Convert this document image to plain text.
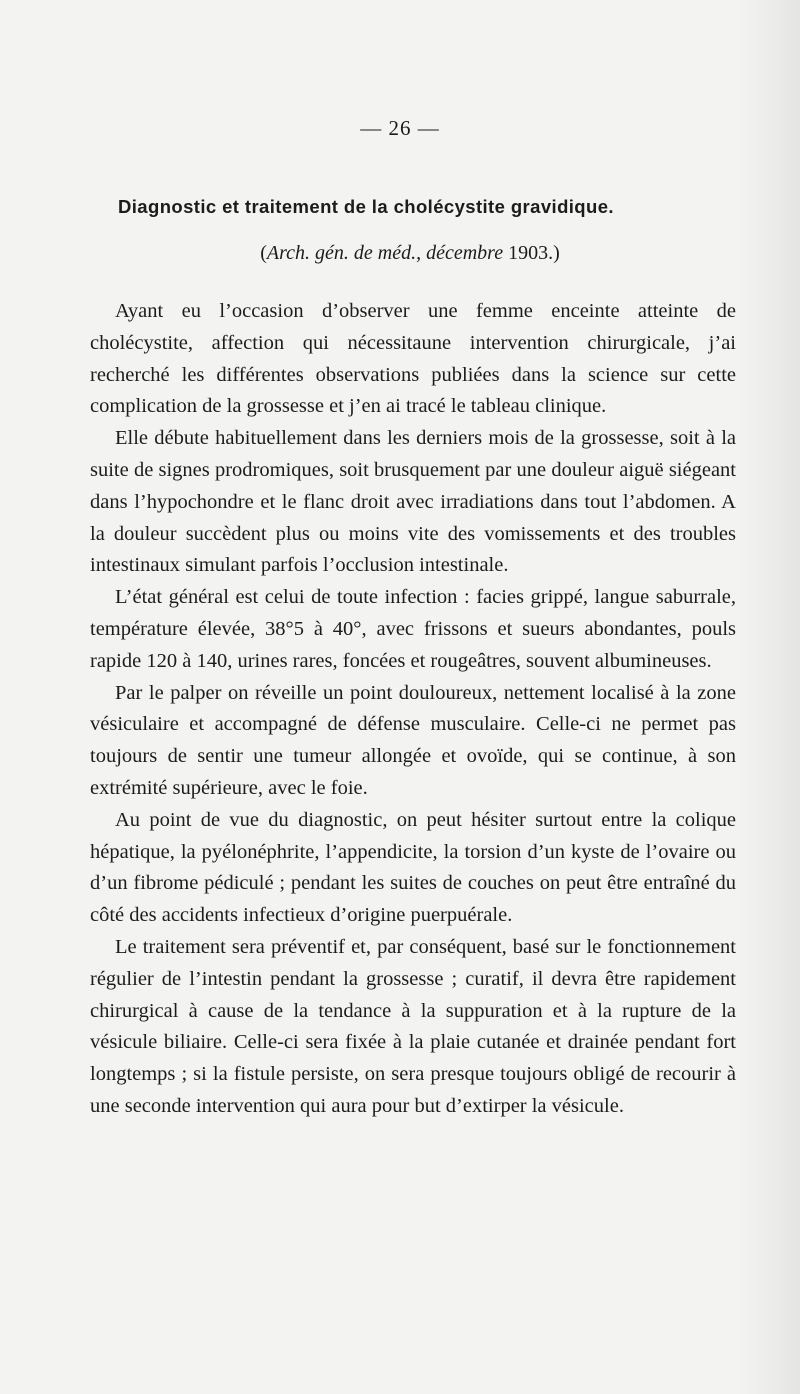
— 26 —
Diagnostic et traitement de la cholécystite gravidique.
(Arch. gén. de méd., décembre 1903.)

Ayant eu l’occasion d’observer une femme enceinte atteinte de cholécystite, affection qui nécessitaune intervention chirurgicale, j’ai recherché les différentes observations publiées dans la science sur cette complication de la grossesse et j’en ai tracé le tableau clinique.

Elle débute habituellement dans les derniers mois de la grossesse, soit à la suite de signes prodromiques, soit brusquement par une douleur aiguë siégeant dans l’hypochondre et le flanc droit avec irradiations dans tout l’abdomen. A la douleur succèdent plus ou moins vite des vomissements et des troubles intestinaux simulant parfois l’occlusion intestinale.

L’état général est celui de toute infection : facies grippé, langue saburrale, température élevée, 38°5 à 40°, avec frissons et sueurs abondantes, pouls rapide 120 à 140, urines rares, foncées et rougeâtres, souvent albumineuses.

Par le palper on réveille un point douloureux, nettement localisé à la zone vésiculaire et accompagné de défense musculaire. Celle-ci ne permet pas toujours de sentir une tumeur allongée et ovoïde, qui se continue, à son extrémité supérieure, avec le foie.

Au point de vue du diagnostic, on peut hésiter surtout entre la colique hépatique, la pyélonéphrite, l’appendicite, la torsion d’un kyste de l’ovaire ou d’un fibrome pédiculé ; pendant les suites de couches on peut être entraîné du côté des accidents infectieux d’origine puerpuérale.

Le traitement sera préventif et, par conséquent, basé sur le fonctionnement régulier de l’intestin pendant la grossesse ; curatif, il devra être rapidement chirurgical à cause de la tendance à la suppuration et à la rupture de la vésicule biliaire. Celle-ci sera fixée à la plaie cutanée et drainée pendant fort longtemps ; si la fistule persiste, on sera presque toujours obligé de recourir à une seconde intervention qui aura pour but d’extirper la vésicule.
